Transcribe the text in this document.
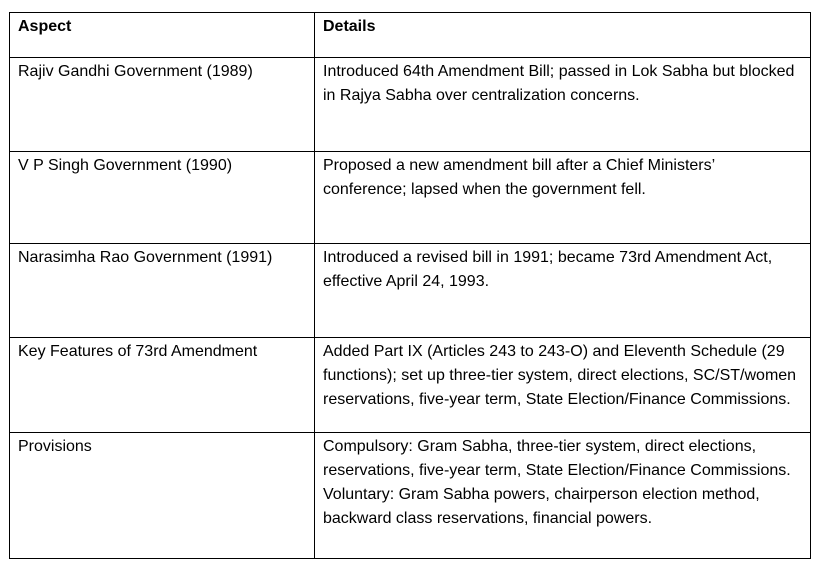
Aspect	Details
Rajiv Gandhi Government (1989)	Introduced 64th Amendment Bill; passed in Lok Sabha but blocked in Rajya Sabha over centralization concerns.
V P Singh Government (1990)	Proposed a new amendment bill after a Chief Ministers’ conference; lapsed when the government fell.
Narasimha Rao Government (1991)	Introduced a revised bill in 1991; became 73rd Amendment Act, effective April 24, 1993.
Key Features of 73rd Amendment	Added Part IX (Articles 243 to 243-O) and Eleventh Schedule (29 functions); set up three-tier system, direct elections, SC/ST/women reservations, five-year term, State Election/Finance Commissions.
Provisions	Compulsory: Gram Sabha, three-tier system, direct elections, reservations, five-year term, State Election/Finance Commissions. Voluntary: Gram Sabha powers, chairperson election method, backward class reservations, financial powers.
